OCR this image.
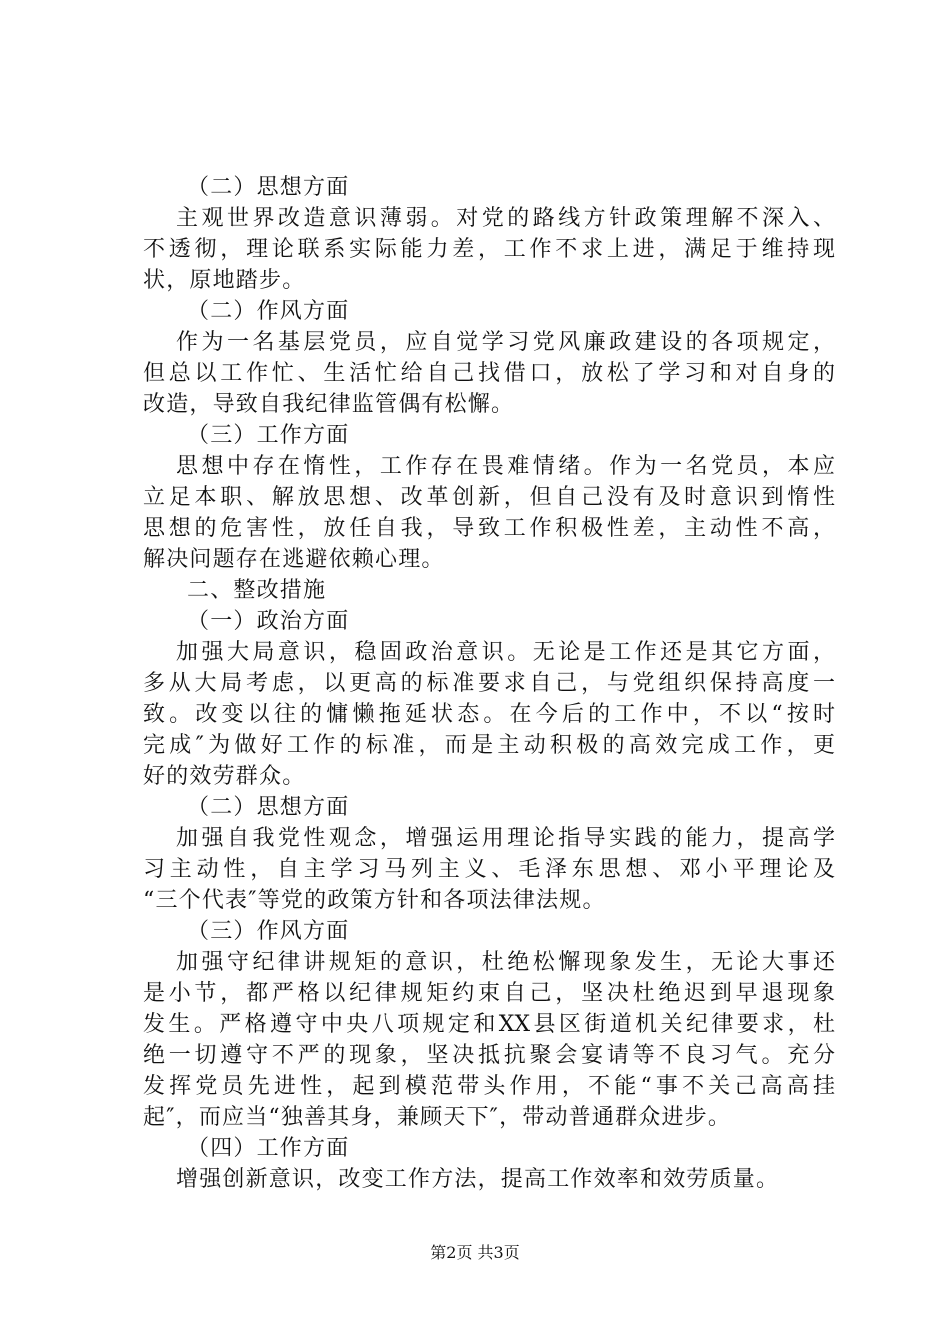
（二）思想方面
主观世界改造意识薄弱。对党的路线方针政策理解不深入、
不透彻，理论联系实际能力差，工作不求上进，满足于维持现
状，原地踏步。
（二）作风方面
作为一名基层党员，应自觉学习党风廉政建设的各项规定，
但总以工作忙、生活忙给自己找借口，放松了学习和对自身的
改造，导致自我纪律监管偶有松懈。
（三）工作方面
思想中存在惰性，工作存在畏难情绪。作为一名党员，本应
立足本职、解放思想、改革创新，但自己没有及时意识到惰性
思想的危害性，放任自我，导致工作积极性差，主动性不高，
解决问题存在逃避依赖心理。
二、整改措施
（一）政治方面
加强大局意识，稳固政治意识。无论是工作还是其它方面，
多从大局考虑，以更高的标准要求自己，与党组织保持高度一
致。改变以往的慵懒拖延状态。在今后的工作中，不以“按时
完成″为做好工作的标准，而是主动积极的高效完成工作，更
好的效劳群众。
（二）思想方面
加强自我党性观念，增强运用理论指导实践的能力，提高学
习主动性，自主学习马列主义、毛泽东思想、邓小平理论及
“三个代表″等党的政策方针和各项法律法规。
（三）作风方面
加强守纪律讲规矩的意识，杜绝松懈现象发生，无论大事还
是小节，都严格以纪律规矩约束自己，坚决杜绝迟到早退现象
发生。严格遵守中央八项规定和XX县区街道机关纪律要求，杜
绝一切遵守不严的现象，坚决抵抗聚会宴请等不良习气。充分
发挥党员先进性，起到模范带头作用，不能“事不关己高高挂
起″，而应当“独善其身，兼顾天下″，带动普通群众进步。
（四）工作方面
增强创新意识，改变工作方法，提高工作效率和效劳质量。
第2页 共3页
